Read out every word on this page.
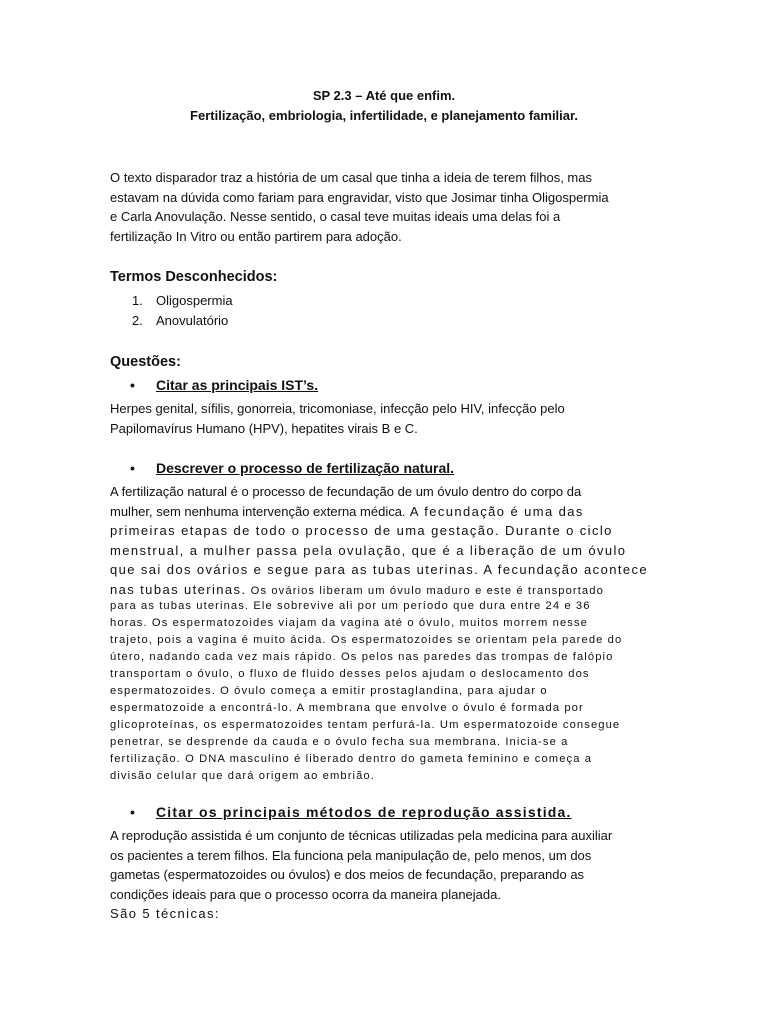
SP 2.3 – Até que enfim.
Fertilização, embriologia, infertilidade, e planejamento familiar.
O texto disparador traz a história de um casal que tinha a ideia de terem filhos, mas
estavam na dúvida como fariam para engravidar, visto que Josimar tinha Oligospermia
e Carla Anovulação. Nesse sentido, o casal teve muitas ideais uma delas foi a
fertilização In Vitro ou então partirem para adoção.
Termos Desconhecidos:
1. Oligospermia
2. Anovulatório
Questões:
• Citar as principais IST’s.
Herpes genital, sífilis, gonorreia, tricomoniase, infecção pelo HIV, infecção pelo
Papilomavírus Humano (HPV), hepatites virais B e C.
• Descrever o processo de fertilização natural.
A fertilização natural é o processo de fecundação de um óvulo dentro do corpo da
mulher, sem nenhuma intervenção externa médica. A fecundação é uma das
primeiras etapas de todo o processo de uma gestação. Durante o ciclo
menstrual, a mulher passa pela ovulação, que é a liberação de um óvulo
que sai dos ovários e segue para as tubas uterinas. A fecundação acontece
nas tubas uterinas. Os ovários liberam um óvulo maduro e este é transportado
para as tubas uterinas. Ele sobrevive ali por um período que dura entre 24 e 36
horas. Os espermatozoides viajam da vagina até o óvulo, muitos morrem nesse
trajeto, pois a vagina é muito ácida. Os espermatozoides se orientam pela parede do
útero, nadando cada vez mais rápido. Os pelos nas paredes das trompas de falópio
transportam o óvulo, o fluxo de fluido desses pelos ajudam o deslocamento dos
espermatozoides. O óvulo começa a emitir prostaglandina, para ajudar o
espermatozoide a encontrá-lo. A membrana que envolve o óvulo é formada por
glicoproteínas, os espermatozoides tentam perfurá-la. Um espermatozoide consegue
penetrar, se desprende da cauda e o óvulo fecha sua membrana. Inicia-se a
fertilização. O DNA masculino é liberado dentro do gameta feminino e começa a
divisão celular que dará origem ao embrião.
• Citar os principais métodos de reprodução assistida.
A reprodução assistida é um conjunto de técnicas utilizadas pela medicina para auxiliar
os pacientes a terem filhos. Ela funciona pela manipulação de, pelo menos, um dos
gametas (espermatozoides ou óvulos) e dos meios de fecundação, preparando as
condições ideais para que o processo ocorra da maneira planejada.
São 5 técnicas:
